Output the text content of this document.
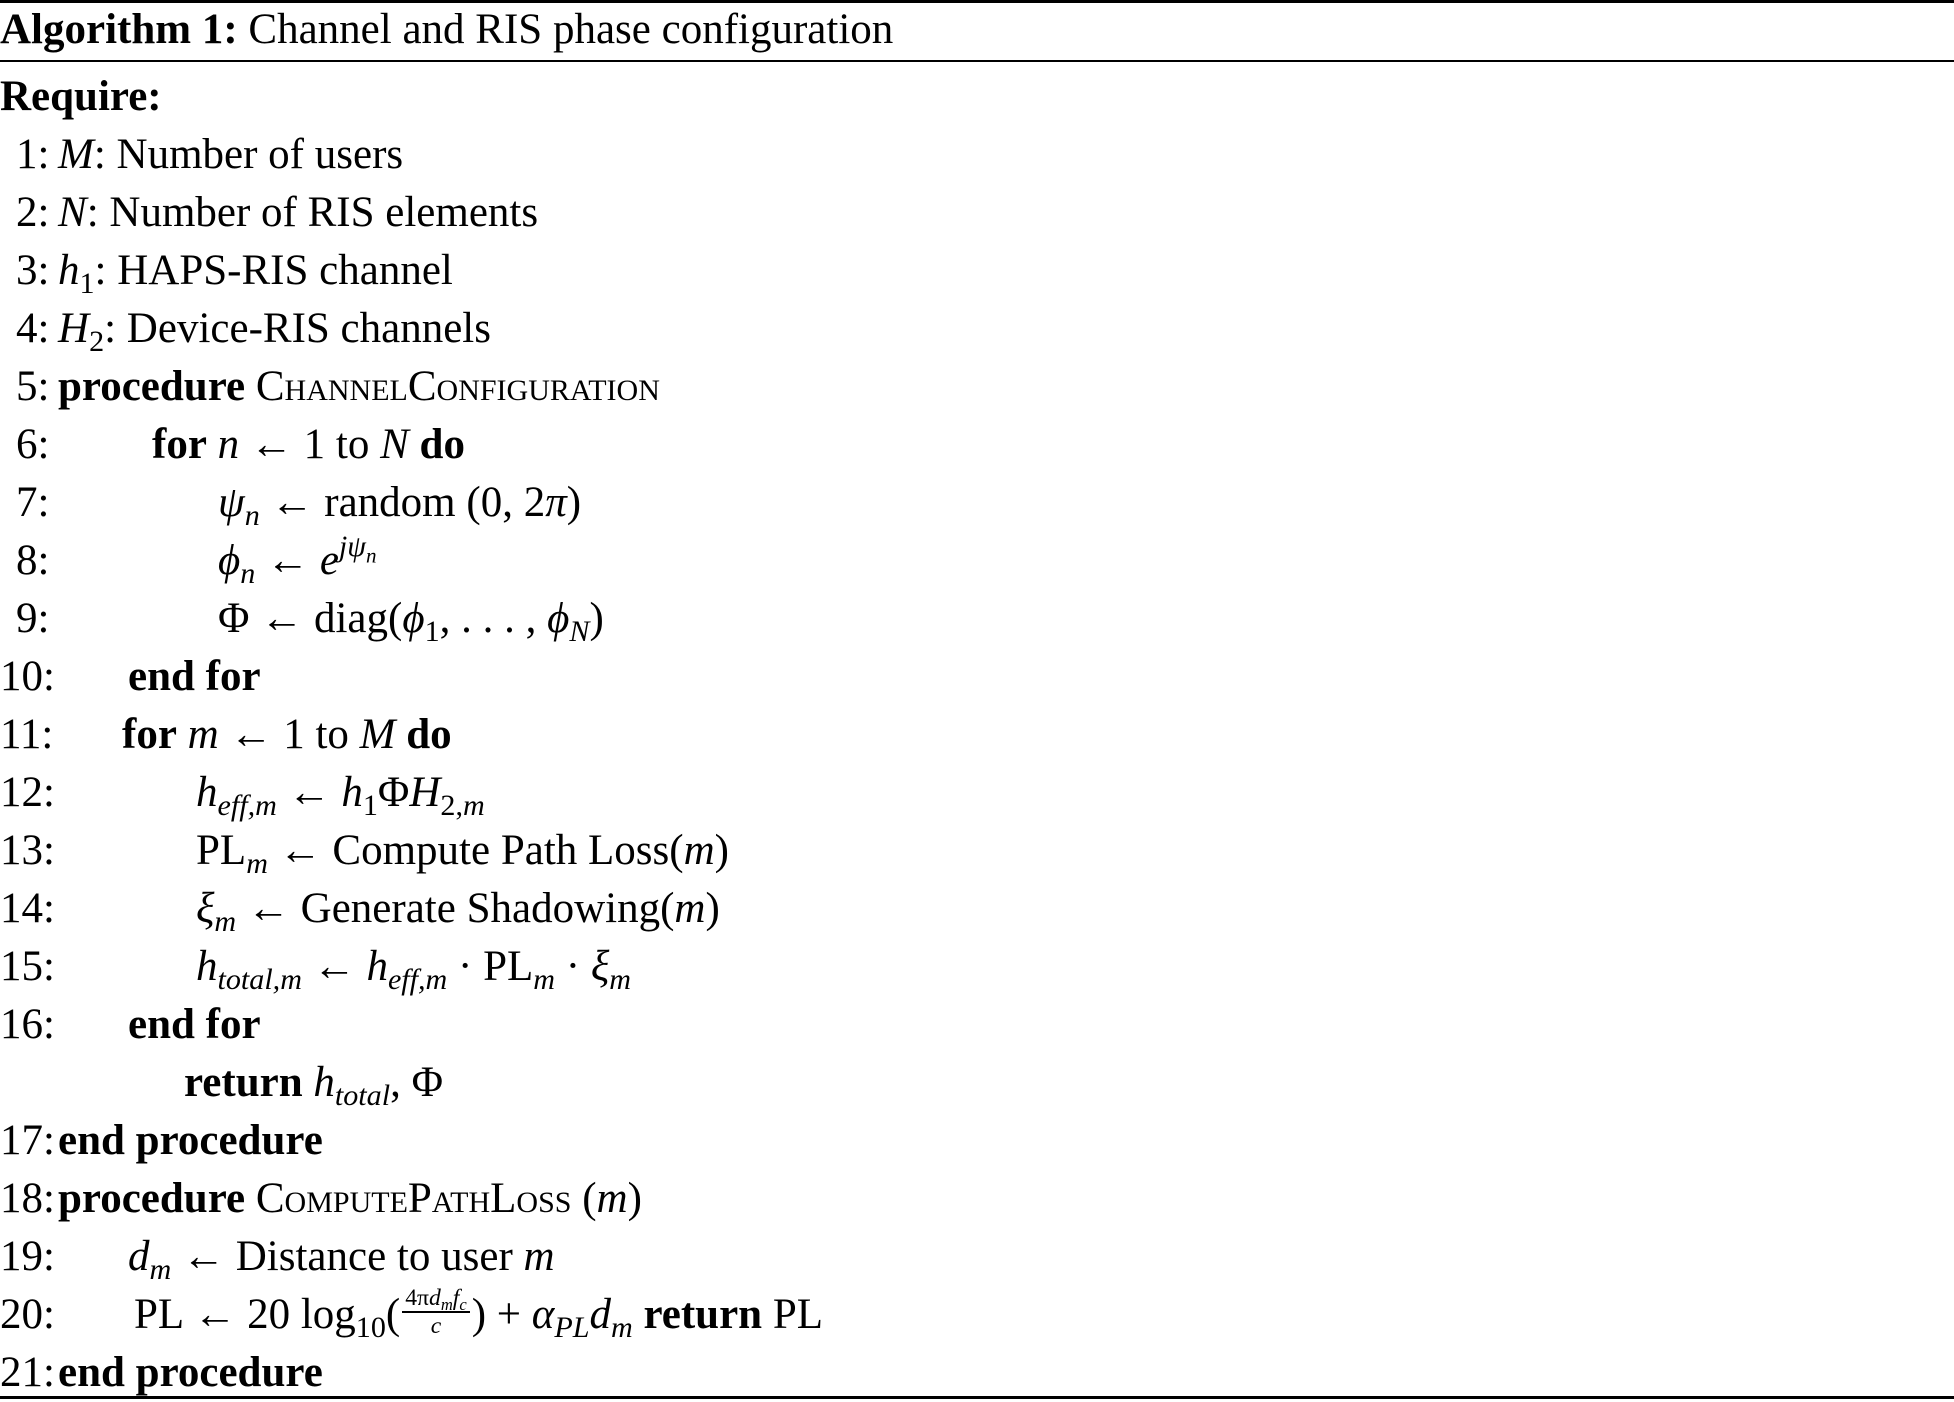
Algorithm 1: Channel and RIS phase configuration
Require:
1: M: Number of users
2: N: Number of RIS elements
3: $h_1$: HAPS-RIS channel
4: $H_2$: Device-RIS channels
5: procedure ChannelConfiguration
6: for n ← 1 to N do
7:	$\psi_n$ ← random (0, 2π)
8:	$\phi_n$ ← $e^{j\psi_n}$
9:	Φ ← $diag(\phi_1$, . . . , $\phi_N$)
10: end for
11: for m ← 1 to M do
12:	$h_{eff,m}$ ← $h_1\Phi H_{2,m}$
13:	$PL_m$ ← Compute Path Loss(m)
14:	$\xi_m$ ← Generate Shadowing(m)
15:	$h_{total,m}$ ← $h_{eff,m} \cdot PL_m \cdot \xi_m$
16: end for
return $h_{total}$, Φ
17: end procedure
18: procedure ComputePathLoss (m)
19: $d_m$ ← Distance to user m
20: PL ← 20 $\log_{10}( \frac{4\pi d_mf_c}{c}$ ) + $\alpha_{PL}d_m$ return PL
21: end procedure
